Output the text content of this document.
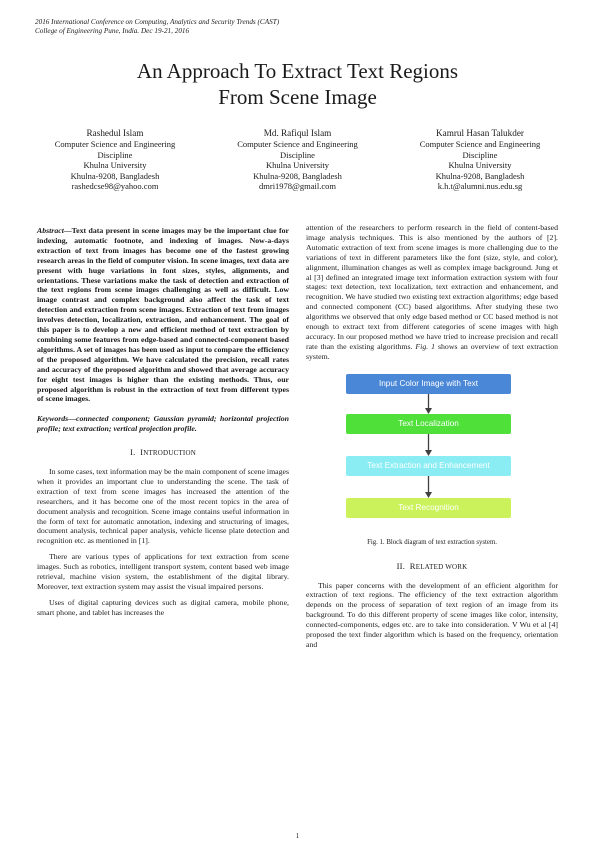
2016 International Conference on Computing, Analytics and Security Trends (CAST)
College of Engineering Pune, India. Dec 19-21, 2016
An Approach To Extract Text Regions
From Scene Image
Rashedul Islam
Computer Science and Engineering
Discipline
Khulna University
Khulna-9208, Bangladesh
rashedcse98@yahoo.com
Md. Rafiqul Islam
Computer Science and Engineering
Discipline
Khulna University
Khulna-9208, Bangladesh
dmri1978@gmail.com
Kamrul Hasan Talukder
Computer Science and Engineering
Discipline
Khulna University
Khulna-9208, Bangladesh
k.h.t@alumni.nus.edu.sg
Abstract—Text data present in scene images may be the important clue for indexing, automatic footnote, and indexing of images. Now-a-days extraction of text from images has become one of the fastest growing research areas in the field of computer vision. In scene images, text data are present with huge variations in font sizes, styles, alignments, and orientations. These variations make the task of detection and extraction of the text regions from scene images challenging as well as difficult. Low image contrast and complex background also affect the task of text detection and extraction from scene images. Extraction of text from images involves detection, localization, extraction, and enhancement. The goal of this paper is to develop a new and efficient method of text extraction by combining some features from edge-based and connected-component based algorithms. A set of images has been used as input to compare the efficiency of the proposed algorithm. We have calculated the precision, recall rates and accuracy of the proposed algorithm and showed that average accuracy for eight test images is higher than the existing methods. Thus, our proposed algorithm is robust in the extraction of text from different types of scene images.
Keywords—connected component; Gaussian pyramid; horizontal projection profile; text extraction; vertical projection profile.
I. INTRODUCTION

In some cases, text information may be the main component of scene images when it provides an important clue to understanding the scene. The task of extraction of text from scene images has increased the attention of the researchers, and it has become one of the most recent topics in the area of document analysis and recognition. Scene image contains useful information in the form of text for automatic annotation, indexing and structuring of images, document analysis, technical paper analysis, vehicle license plate detection and recognition etc. as mentioned in [1].

There are various types of applications for text extraction from scene images. Such as robotics, intelligent transport system, content based web image retrieval, machine vision system, the establishment of the digital library. Moreover, text extraction system may assist the visual impaired persons.

Uses of digital capturing devices such as digital camera, mobile phone, smart phone, and tablet has increases the

attention of the researchers to perform research in the field of content-based image analysis techniques. This is also mentioned by the authors of [2]. Automatic extraction of text from scene images is more challenging due to the variations of text in different parameters like the font (size, style, and color), alignment, illumination changes as well as complex image background. Jung et al [3] defined an integrated image text information extraction system with four stages: text detection, text localization, text extraction and enhancement, and recognition. We have studied two existing text extraction algorithms; edge based and connected component (CC) based algorithms. After studying these two algorithms we observed that only edge based method or CC based method is not enough to extract text from different categories of scene images with high accuracy. In our proposed method we have tried to increase precision and recall rate than the existing algorithms. Fig. 1 shows an overview of text extraction system.

Input Color Image with Text
Text Localization
Text Extraction and Enhancement
Text Recognition
Fig. 1. Block diagram of text extraction system.
II. RELATED WORK

This paper concerns with the development of an efficient algorithm for extraction of text regions. The efficiency of the text extraction algorithm depends on the process of separation of text region of an image from its background. To do this different property of scene images like color, intensity, connected-components, edges etc. are to take into consideration. V Wu et al [4] proposed the text finder algorithm which is based on the frequency, orientation and

1
